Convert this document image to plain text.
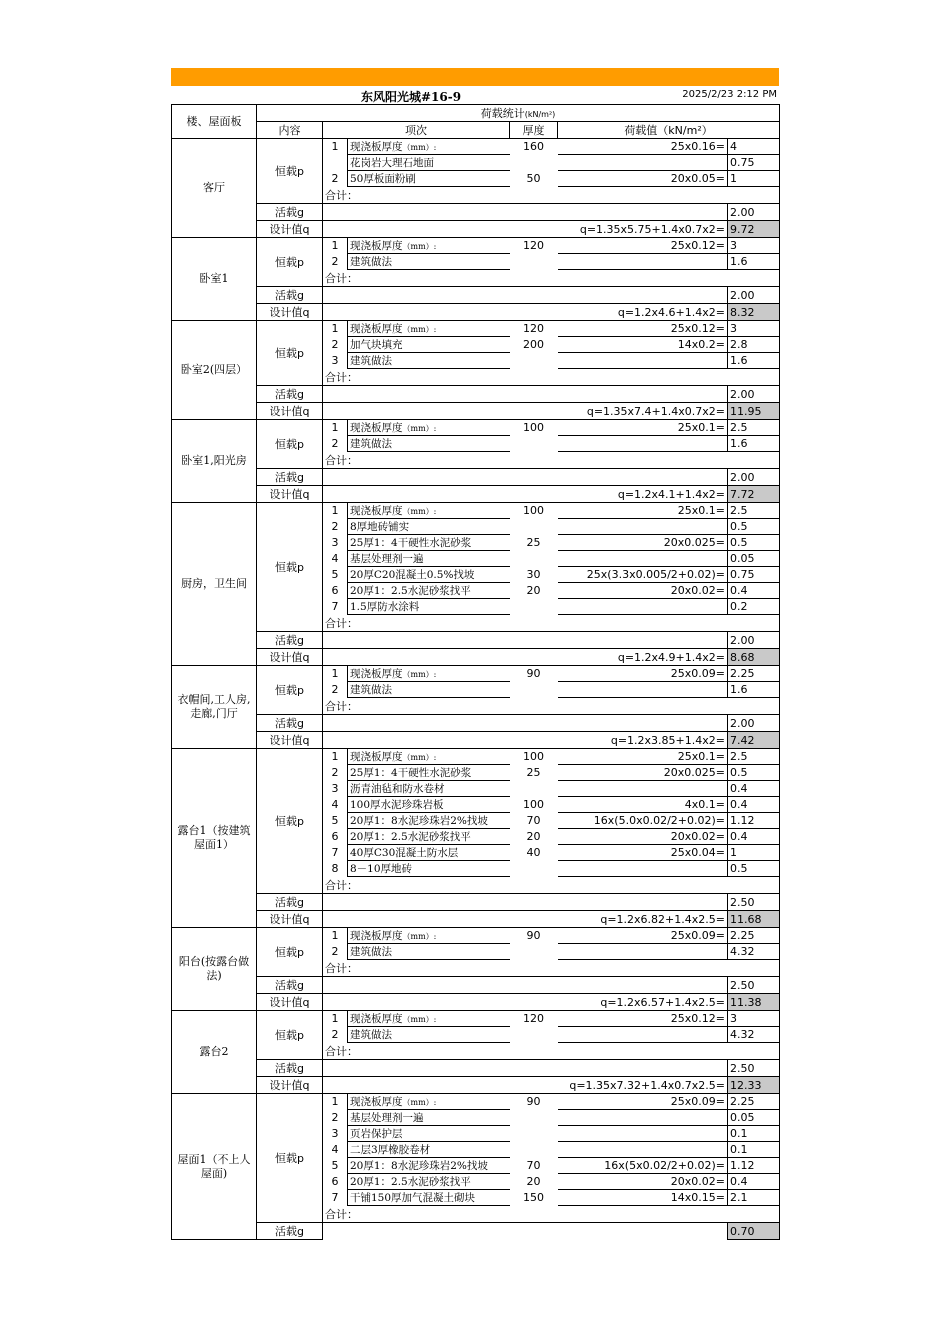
东风阳光城#16-9	2025/2/23 2:12 PM
楼、屋面板	荷载统计(kN/m²)						
	内容	项次		厚度	荷载值（kN/m²）		
客厅	恒载p	1	现浇板厚度（mm）:	160	25x0.16=	4	
			花岗岩大理石地面			0.75	
		2	50厚板面粉刷	50	20x0.05=	1	
		合计：			
	活载g					2.00	
	设计值q	q=1.35x5.75+1.4x0.7x2=				9.72	
卧室1	恒载p	1	现浇板厚度（mm）:	120	25x0.12=	3	
		2	建筑做法			1.6	
		合计：			
	活载g					2.00	
	设计值q	q=1.2x4.6+1.4x2=				8.32	
卧室2(四层）	恒载p	1	现浇板厚度（mm）:	120	25x0.12=	3	
		2	加气块填充	200	14x0.2=	2.8	
		3	建筑做法			1.6	
		合计：			
	活载g					2.00	
	设计值q	q=1.35x7.4+1.4x0.7x2=				11.95	
卧室1,阳光房	恒载p	1	现浇板厚度（mm）:	100	25x0.1=	2.5	
		2	建筑做法			1.6	
		合计：			
	活载g					2.00	
	设计值q	q=1.2x4.1+1.4x2=				7.72	
厨房，卫生间	恒载p	1	现浇板厚度（mm）:	100	25x0.1=	2.5	
		2	8厚地砖铺实			0.5	
		3	25厚1：4干硬性水泥砂浆	25	20x0.025=	0.5	
		4	基层处理剂一遍			0.05	
		5	20厚C20混凝土0.5%找坡	30	25x(3.3x0.005/2+0.02)=	0.75	
		6	20厚1：2.5水泥砂浆找平	20	20x0.02=	0.4	
		7	1.5厚防水涂料			0.2	
		合计：			
	活载g					2.00	
	设计值q	q=1.2x4.9+1.4x2=				8.68	
衣帽间,工人房,走廊,门厅	恒载p	1	现浇板厚度（mm）:	90	25x0.09=	2.25	
		2	建筑做法			1.6	
		合计：			
	活载g					2.00	
	设计值q	q=1.2x3.85+1.4x2=				7.42	
露台1（按建筑屋面1）	恒载p	1	现浇板厚度（mm）:	100	25x0.1=	2.5	
		2	25厚1：4干硬性水泥砂浆	25	20x0.025=	0.5	
		3	沥青油毡和防水卷材			0.4	
		4	100厚水泥珍珠岩板	100	4x0.1=	0.4	
		5	20厚1：8水泥珍珠岩2%找坡	70	16x(5.0x0.02/2+0.02)=	1.12	
		6	20厚1：2.5水泥砂浆找平	20	20x0.02=	0.4	
		7	40厚C30混凝土防水层	40	25x0.04=	1	
		8	8－10厚地砖			0.5	
		合计：			
	活载g					2.50	
	设计值q	q=1.2x6.82+1.4x2.5=				11.68	
阳台(按露台做法)	恒载p	1	现浇板厚度（mm）:	90	25x0.09=	2.25	
		2	建筑做法			4.32	
		合计：			
	活载g					2.50	
	设计值q	q=1.2x6.57+1.4x2.5=				11.38	
露台2	恒载p	1	现浇板厚度（mm）:	120	25x0.12=	3	
		2	建筑做法			4.32	
		合计：			
	活载g					2.50	
	设计值q	q=1.35x7.32+1.4x0.7x2.5=				12.33	
屋面1（不上人屋面)	恒载p	1	现浇板厚度（mm）:	90	25x0.09=	2.25	
		2	基层处理剂一遍			0.05	
		3	页岩保护层			0.1	
		4	二层3厚橡胶卷材			0.1	
		5	20厚1：8水泥珍珠岩2%找坡	70	16x(5x0.02/2+0.02)=	1.12	
		6	20厚1：2.5水泥砂浆找平	20	20x0.02=	0.4	
		7	干铺150厚加气混凝土砌块	150	14x0.15=	2.1	
		合计：			
	活载g					0.70	
